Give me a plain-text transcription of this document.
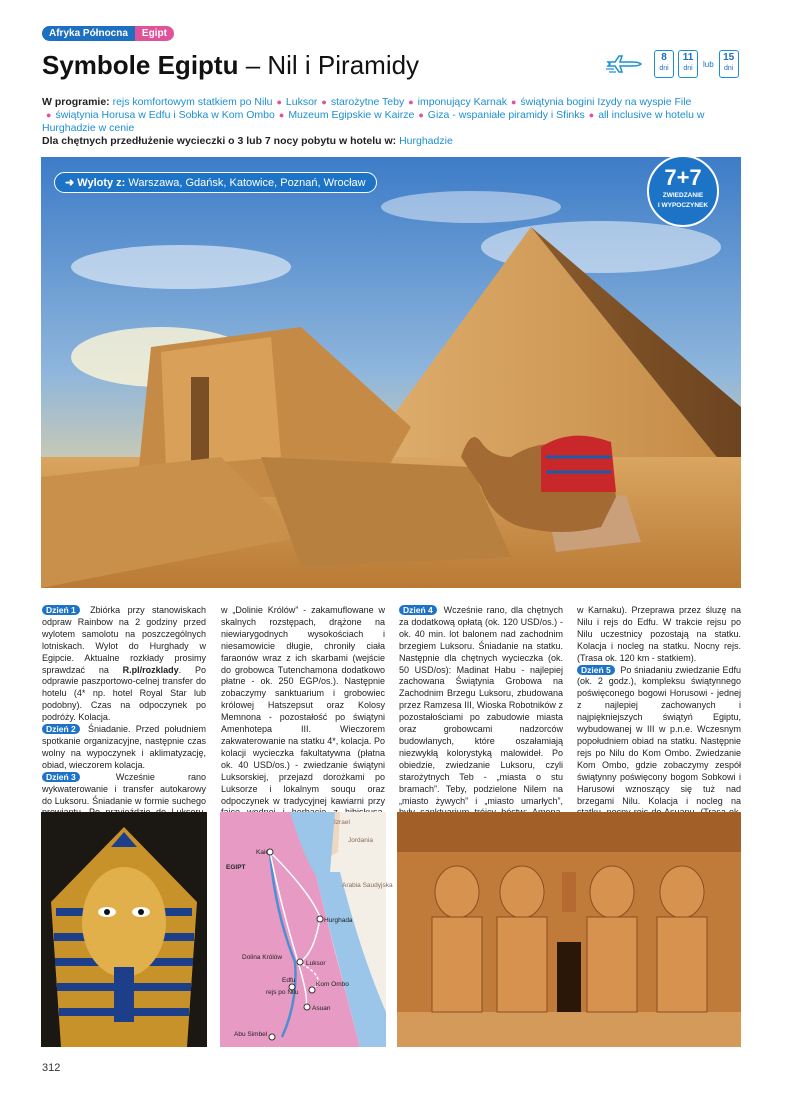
Afryka Północna	Egipt
Symbole Egiptu – Nil i Piramidy	8
dni
11
dni	lub
15
dni
W programie: rejs komfortowym statkiem po Nilu ● Luksor ● starożytne Teby ● imponujący Karnak ● świątynia bogini Izydy na wyspie File
● świątynia Horusa w Edfu i Sobka w Kom Ombo ● Muzeum Egipskie w Kairze ● Giza - wspaniałe piramidy i Sfinks ● all inclusive w hotelu w Hurghadzie w cenie
Dla chętnych przedłużenie wycieczki o 3 lub 7 nocy pobytu w hotelu w: Hurghadzie
➜ Wyloty z: Warszawa, Gdańsk, Katowice, Poznań, Wrocław	7+7
ZWIEDZANIE
I WYPOCZYNEK
Dzień 1 Zbiórka przy stanowiskach odpraw Rainbow na 2 godziny przed wylotem samolotu na poszczególnych lotniskach. Wylot do Hurghady w Egipcie. Aktualne rozkłady prosimy sprawdzać na R.pl/rozklady. Po odprawie paszportowo-celnej transfer do hotelu (4* np. hotel Royal Star lub podobny). Czas na odpoczynek po podróży. Kolacja.
Dzień 2 Śniadanie. Przed południem spotkanie organizacyjne, następnie czas wolny na wypoczynek i aklimatyzację, obiad, wieczorem kolacja.
Dzień 3	Wcześnie rano wykwaterowanie i transfer autokarowy do Luksoru. Śniadanie w formie suchego
w „Dolinie Królów” - zakamuflowane w skalnych rozstępach, drążone na niewiarygodnych wysokościach i niesamowicie długie, chroniły ciała faraonów wraz z ich skarbami (wejście do grobowca Tutenchamona dodatkowo płatne - ok. 250 EGP/os.). Następnie zobaczymy sanktuarium i grobowiec królowej Hatszepsut oraz Kolosy Memnona - pozostałość po świątyni Amenhotepa III. Wieczorem zakwaterowanie na statku 4*, kolacja. Po kolacji wycieczka fakultatywna (płatna ok. 40 USD/os.) - zwiedzanie świątyni Luksorskiej, przejazd dorożkami po Luksorze i lokalnym souqu oraz odpoczynek w tradycyjnej kawiarni przy
Dzień 4 Wcześnie rano, dla chętnych za dodatkową opłatą (ok. 120 USD/os.) - ok. 40 min. lot balonem nad zachodnim brzegiem Luksoru. Śniadanie na statku. Następnie dla chętnych wycieczka (ok. 50 USD/os): Madinat Habu - najlepiej zachowana Świątynia Grobowa na Zachodnim Brzegu Luksoru, zbudowana przez Ramzesa III, Wioska Robotników z pozostałościami po zabudowie miasta oraz grobowcami nadzorców budowlanych, które oszałamiają niezwykłą kolorystyką malowideł. Po obiedzie, zwiedzanie Luksoru, czyli starożytnych Teb - „miasta o stu bramach”. Teby, podzielone Nilem na „miasto żywych” i „miasto umarłych”,
w Karnaku). Przeprawa przez śluzę na Nilu i rejs do Edfu. W trakcie rejsu po Nilu uczestnicy pozostają na statku. Kolacja i nocleg na statku. Nocny rejs. (Trasa ok. 120 km - statkiem).
Dzień 5 Po śniadaniu zwiedzanie Edfu (ok. 2 godz.), kompleksu świątynnego poświęconego bogowi Horusowi - jednej z najlepiej zachowanych i najpiękniejszych świątyń Egiptu, wybudowanej w III w p.n.e. Wczesnym popołudniem obiad na statku. Następnie rejs po Nilu do Kom Ombo. Zwiedzanie Kom Ombo, gdzie zobaczymy zespół świątynny poświęcony bogom Sobkowi i Harusowi wznoszący się tuż nad brzegami Nilu. Kolacja i nocleg na
EGIPT
Izrael
Jordania
Arabia Saudyjska
Kair
Hurghada
Dolina Królów
Luksor
Edfu
rejs po Nilu
Kom Ombo
Asuan
Abu Simbel
312
